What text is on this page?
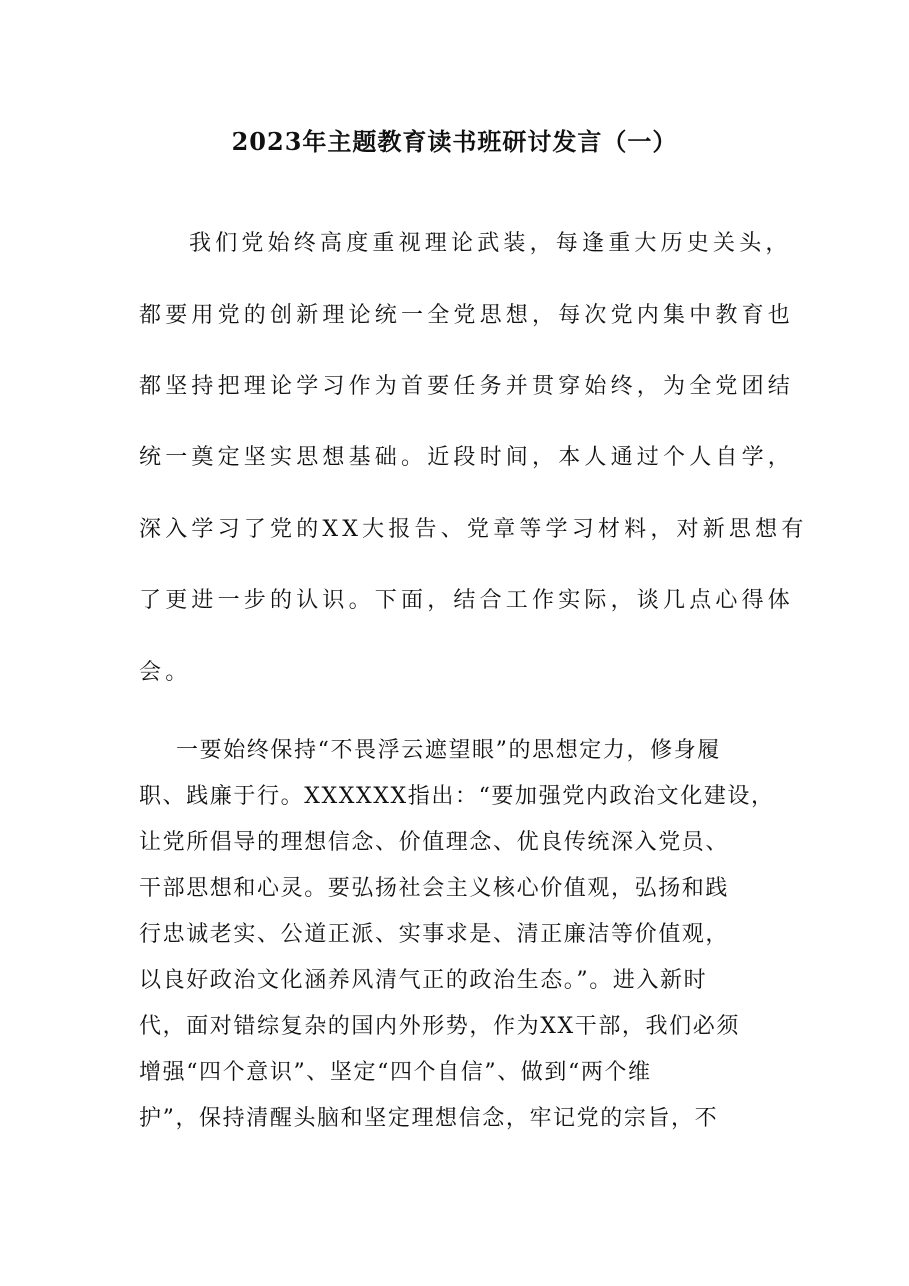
2023年主题教育读书班研讨发言（一）

我们党始终高度重视理论武装，每逢重大历史关头，

都要用党的创新理论统一全党思想，每次党内集中教育也

都坚持把理论学习作为首要任务并贯穿始终，为全党团结

统一奠定坚实思想基础。近段时间，本人通过个人自学，

深入学习了党的XX大报告、党章等学习材料，对新思想有

了更进一步的认识。下面，结合工作实际，谈几点心得体

会。

一要始终保持“不畏浮云遮望眼”的思想定力，修身履

职、践廉于行。XXXXXX指出：“要加强党内政治文化建设，

让党所倡导的理想信念、价值理念、优良传统深入党员、

干部思想和心灵。要弘扬社会主义核心价值观，弘扬和践

行忠诚老实、公道正派、实事求是、清正廉洁等价值观，

以良好政治文化涵养风清气正的政治生态。”。进入新时

代，面对错综复杂的国内外形势，作为XX干部，我们必须

增强“四个意识”、坚定“四个自信”、做到“两个维

护”，保持清醒头脑和坚定理想信念，牢记党的宗旨，不
